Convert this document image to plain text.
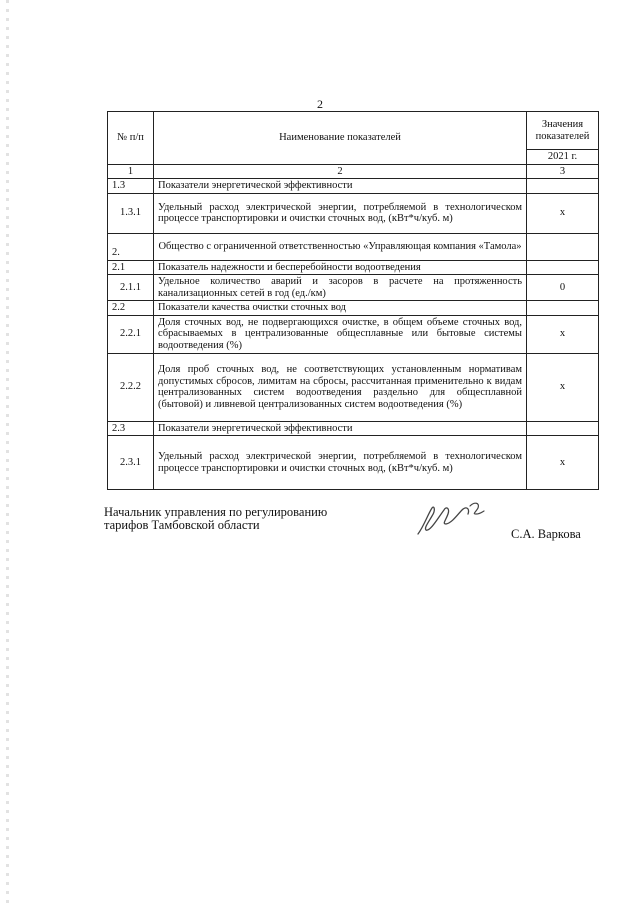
2
№ п/п	Наименование показателей	Значения показателей
		2021 г.
1	2	3
1.3	Показатели энергетической эффективности	
1.3.1	Удельный расход электрической энергии, потребляемой в технологическом процессе транспортировки и очистки сточных вод, (кВт*ч/куб. м)	х
2.	Общество с ограниченной ответственностью «Управляющая компания «Тамола»	
2.1	Показатель надежности и бесперебойности водоотведения	
2.1.1	Удельное количество аварий и засоров в расчете на протяженность канализационных сетей в год (ед./км)	0
2.2	Показатели качества очистки сточных вод	
2.2.1	Доля сточных вод, не подвергающихся очистке, в общем объеме сточных вод, сбрасываемых в централизованные общесплавные или бытовые системы водоотведения (%)	х
2.2.2	Доля проб сточных вод, не соответствующих установленным нормативам допустимых сбросов, лимитам на сбросы, рассчитанная применительно к видам централизованных систем водоотведения раздельно для общесплавной (бытовой) и ливневой централизованных систем водоотведения (%)	х
2.3	Показатели энергетической эффективности	
2.3.1	Удельный расход электрической энергии, потребляемой в технологическом процессе транспортировки и очистки сточных вод, (кВт*ч/куб. м)	х
Начальник управления по регулированию
тарифов Тамбовской области
С.А. Варкова
